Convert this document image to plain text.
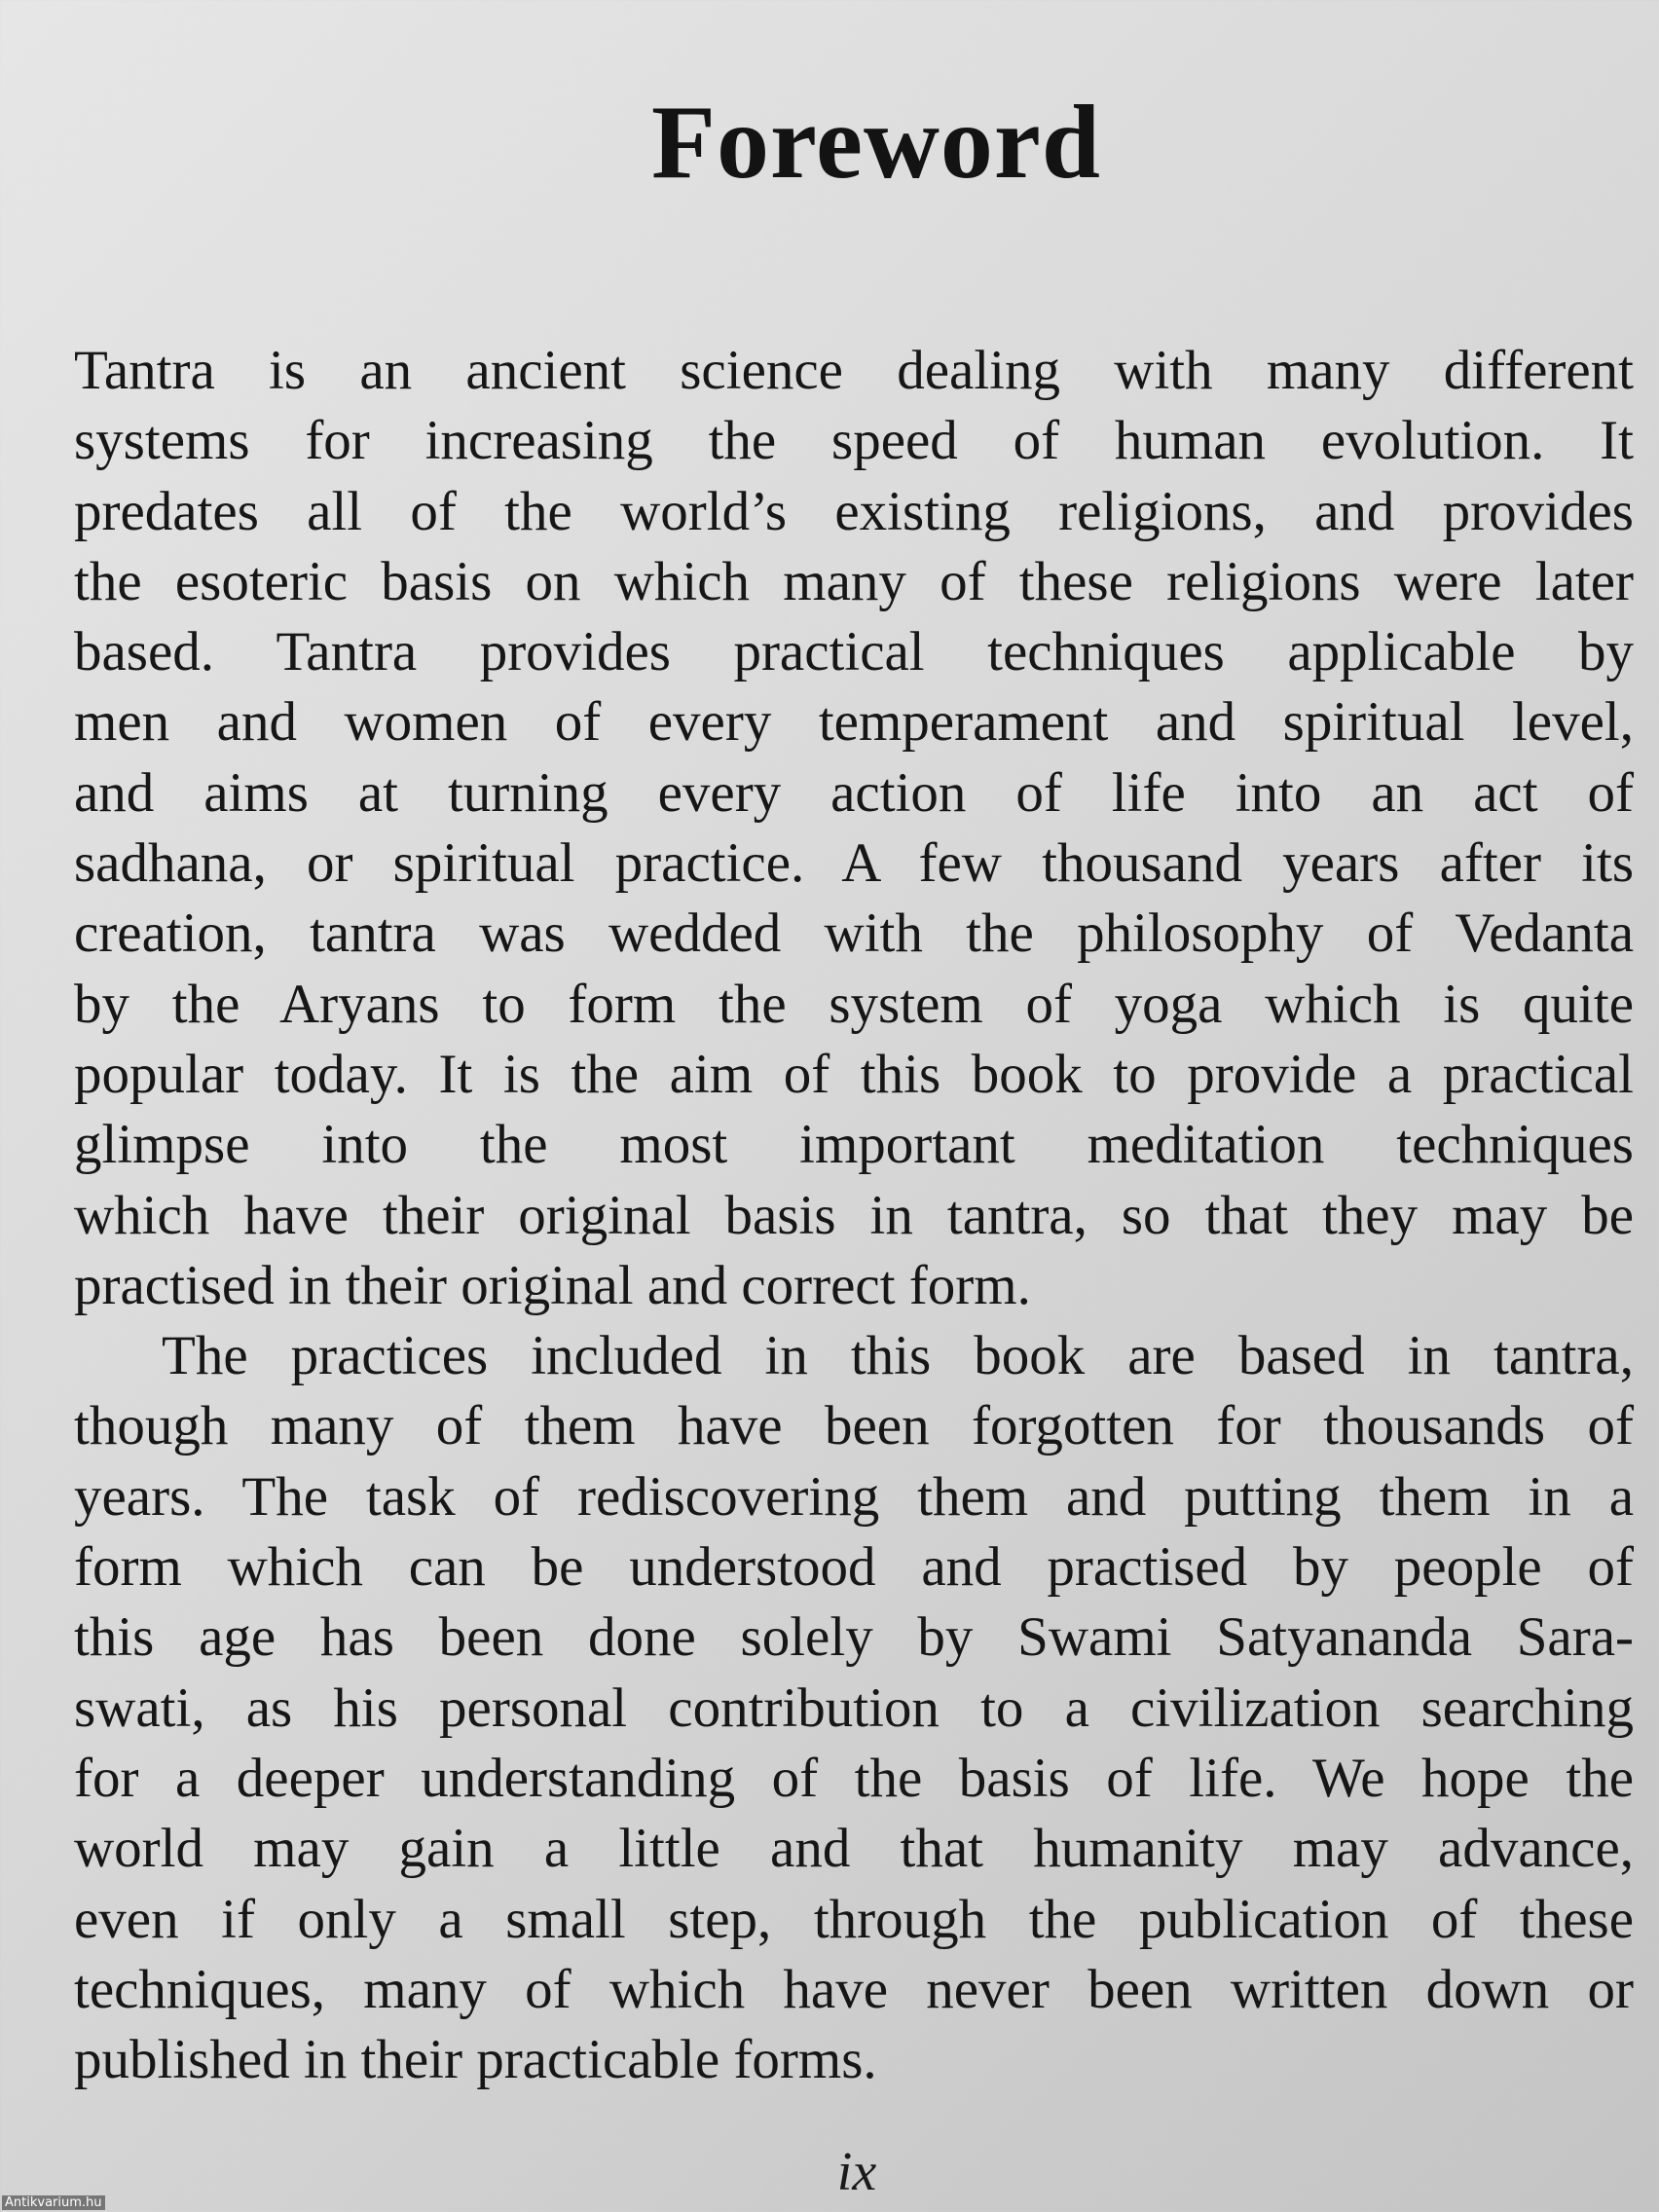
Foreword
Tantra is an ancient science dealing with many different
systems for increasing the speed of human evolution. It
predates all of the world’s existing religions, and provides
the esoteric basis on which many of these religions were later
based. Tantra provides practical techniques applicable by
men and women of every temperament and spiritual level,
and aims at turning every action of life into an act of
sadhana, or spiritual practice. A few thousand years after its
creation, tantra was wedded with the philosophy of Vedanta
by the Aryans to form the system of yoga which is quite
popular today. It is the aim of this book to provide a practical
glimpse into the most important meditation techniques
which have their original basis in tantra, so that they may be
practised in their original and correct form.
The practices included in this book are based in tantra,
though many of them have been forgotten for thousands of
years. The task of rediscovering them and putting them in a
form which can be understood and practised by people of
this age has been done solely by Swami Satyananda Sara-
swati, as his personal contribution to a civilization searching
for a deeper understanding of the basis of life. We hope the
world may gain a little and that humanity may advance,
even if only a small step, through the publication of these
techniques, many of which have never been written down or
published in their practicable forms.
ix
Antikvarium.hu
